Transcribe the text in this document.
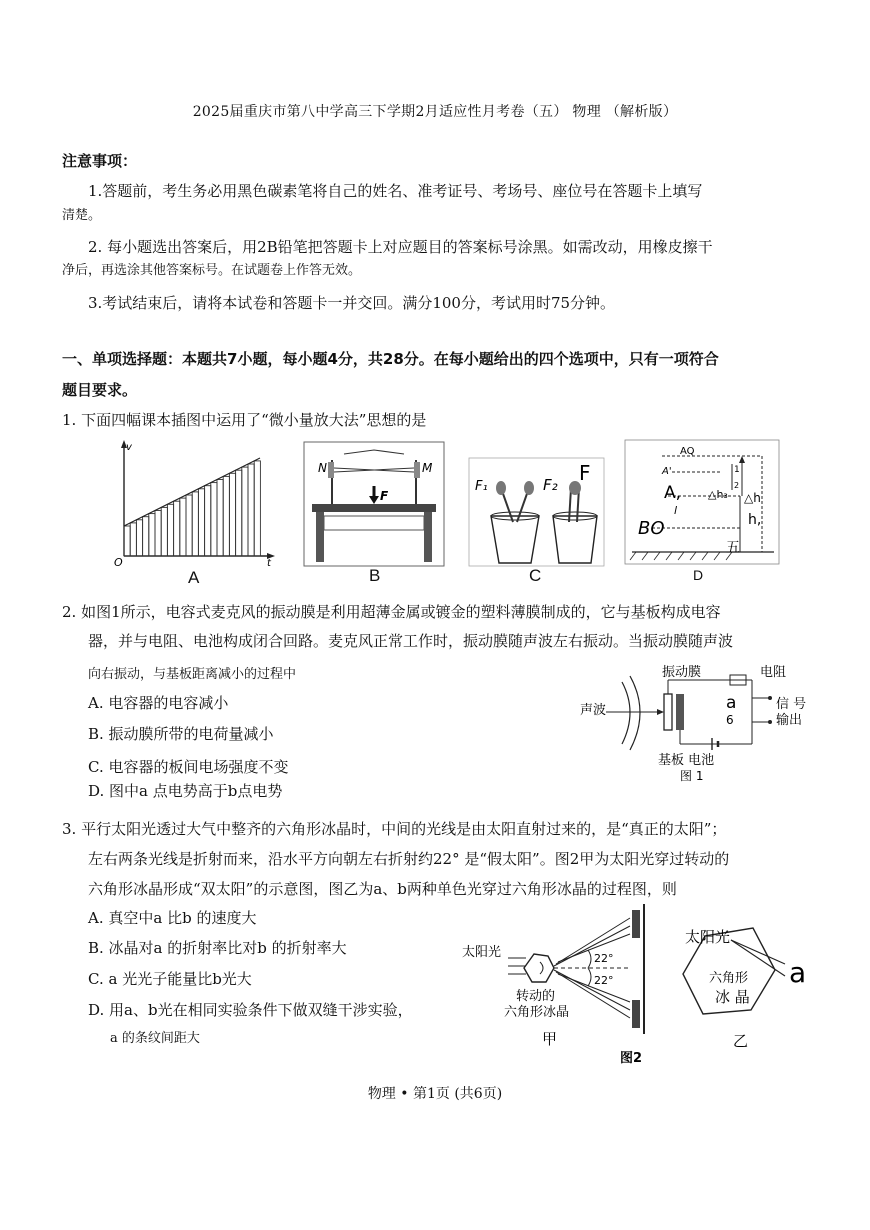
2025届重庆市第八中学高三下学期2月适应性月考卷（五） 物理 （解析版）
注意事项：
1.答题前，考生务必用黑色碳素笔将自己的姓名、准考证号、考场号、座位号在答题卡上填写
清楚。
2. 每小题选出答案后，用2B铅笔把答题卡上对应题目的答案标号涂黑。如需改动，用橡皮擦干
净后，再选涂其他答案标号。在试题卷上作答无效。
3.考试结束后，请将本试卷和答题卡一并交回。满分100分，考试用时75分钟。
一、单项选择题：本题共7小题，每小题4分，共28分。在每小题给出的四个选项中，只有一项符合
题目要求。
1. 下面四幅课本插图中运用了“微小量放大法”思想的是
v
t
O
N	M
F
F₁	F₂ F
AQ
A'
A,
l
BO
△h₃ △h
h,
1
2
五
A	B	C	D
2. 如图1所示，电容式麦克风的振动膜是利用超薄金属或镀金的塑料薄膜制成的，它与基板构成电容
器，并与电阻、电池构成闭合回路。麦克风正常工作时，振动膜随声波左右振动。当振动膜随声波
向右振动，与基板距离减小的过程中
A. 电容器的电容减小
B. 振动膜所带的电荷量减小
C. 电容器的板间电场强度不变
D. 图中a 点电势高于b点电势
声波
振动膜	电阻
信 号
输出
基板 电池
图 1
a
6
3. 平行太阳光透过大气中整齐的六角形冰晶时，中间的光线是由太阳直射过来的，是“真正的太阳”；
左右两条光线是折射而来，沿水平方向朝左右折射约22° 是“假太阳”。图2甲为太阳光穿过转动的
六角形冰晶形成“双太阳”的示意图，图乙为a、b两种单色光穿过六角形冰晶的过程图，则
A. 真空中a 比b 的速度大
B. 冰晶对a 的折射率比对b 的折射率大
C. a 光光子能量比b光大
D. 用a、b光在相同实验条件下做双缝干涉实验，
a 的条纹间距大
太阳光	22°
22°
转动的
六角形冰晶
甲
图2
太阳光
六角形
冰 晶
a
乙
物理 • 第1页 (共6页)
